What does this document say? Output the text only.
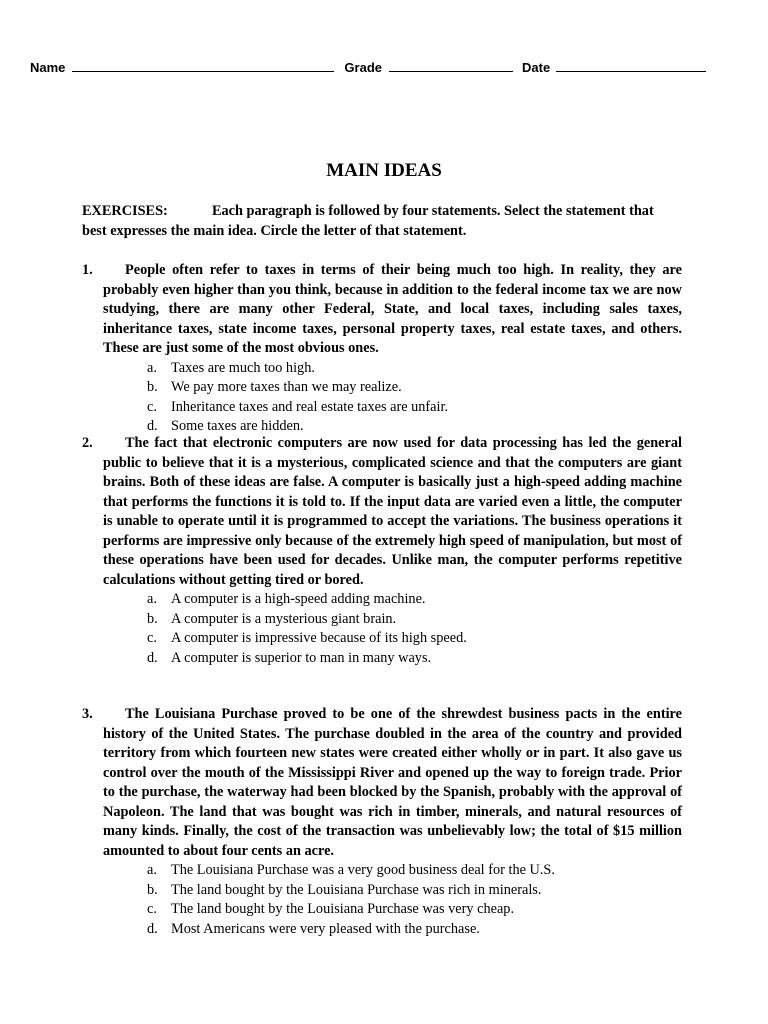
Name	Grade	Date
MAIN IDEAS
EXERCISES:	Each paragraph is followed by four statements. Select the statement that best expresses the main idea. Circle the letter of that statement.
1. People often refer to taxes in terms of their being much too high. In reality, they are probably even higher than you think, because in addition to the federal income tax we are now studying, there are many other Federal, State, and local taxes, including sales taxes, inheritance taxes, state income taxes, personal property taxes, real estate taxes, and others. These are just some of the most obvious ones.
a. Taxes are much too high.
b. We pay more taxes than we may realize.
c. Inheritance taxes and real estate taxes are unfair.
d. Some taxes are hidden.
2. The fact that electronic computers are now used for data processing has led the general public to believe that it is a mysterious, complicated science and that the computers are giant brains. Both of these ideas are false. A computer is basically just a high-speed adding machine that performs the functions it is told to. If the input data are varied even a little, the computer is unable to operate until it is programmed to accept the variations. The business operations it performs are impressive only because of the extremely high speed of manipulation, but most of these operations have been used for decades. Unlike man, the computer performs repetitive calculations without getting tired or bored.
a. A computer is a high-speed adding machine.
b. A computer is a mysterious giant brain.
c. A computer is impressive because of its high speed.
d. A computer is superior to man in many ways.
3. The Louisiana Purchase proved to be one of the shrewdest business pacts in the entire history of the United States. The purchase doubled in the area of the country and provided territory from which fourteen new states were created either wholly or in part. It also gave us control over the mouth of the Mississippi River and opened up the way to foreign trade. Prior to the purchase, the waterway had been blocked by the Spanish, probably with the approval of Napoleon. The land that was bought was rich in timber, minerals, and natural resources of many kinds. Finally, the cost of the transaction was unbelievably low; the total of $15 million amounted to about four cents an acre.
a. The Louisiana Purchase was a very good business deal for the U.S.
b. The land bought by the Louisiana Purchase was rich in minerals.
c. The land bought by the Louisiana Purchase was very cheap.
d. Most Americans were very pleased with the purchase.
